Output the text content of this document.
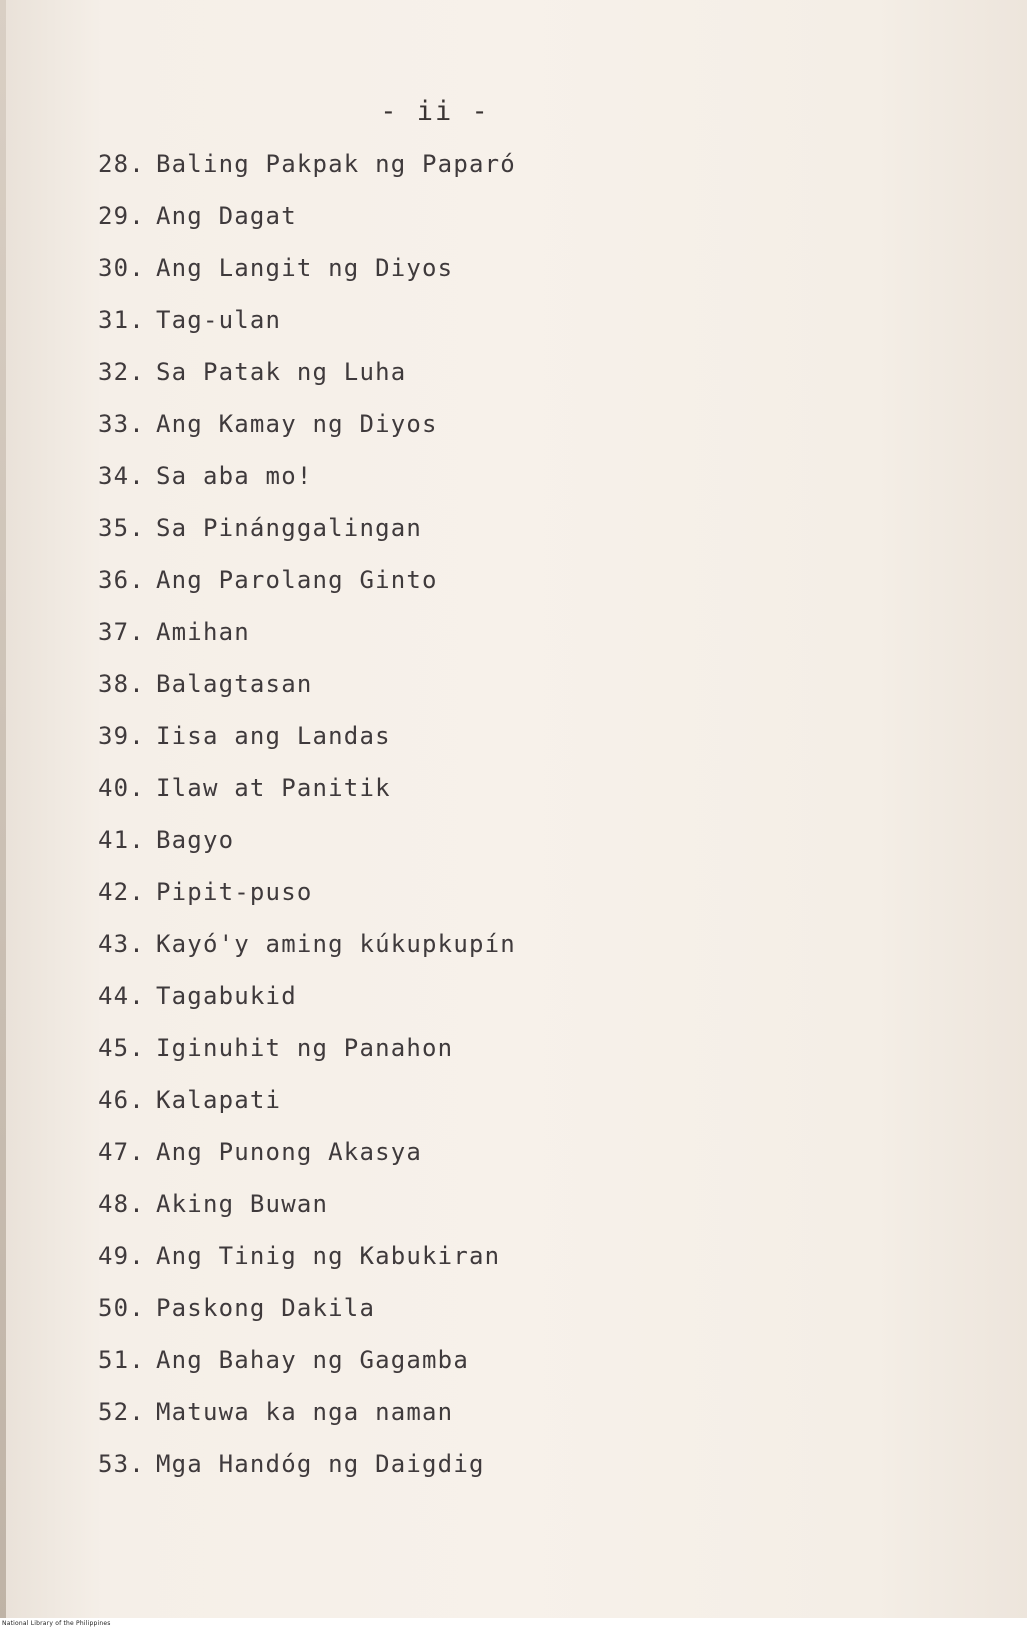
- ii -
28. Baling Pakpak ng Paparó
29. Ang Dagat
30. Ang Langit ng Diyos
31. Tag-ulan
32. Sa Patak ng Luha
33. Ang Kamay ng Diyos
34. Sa aba mo!
35. Sa Pinánggalingan
36. Ang Parolang Ginto
37. Amihan
38. Balagtasan
39. Iisa ang Landas
40. Ilaw at Panitik
41. Bagyo
42. Pipit-puso
43. Kayó'y aming kúkupkupín
44. Tagabukid
45. Iginuhit ng Panahon
46. Kalapati
47. Ang Punong Akasya
48. Aking Buwan
49. Ang Tinig ng Kabukiran
50. Paskong Dakila
51. Ang Bahay ng Gagamba
52. Matuwa ka nga naman
53. Mga Handóg ng Daigdig
National Library of the Philippines
